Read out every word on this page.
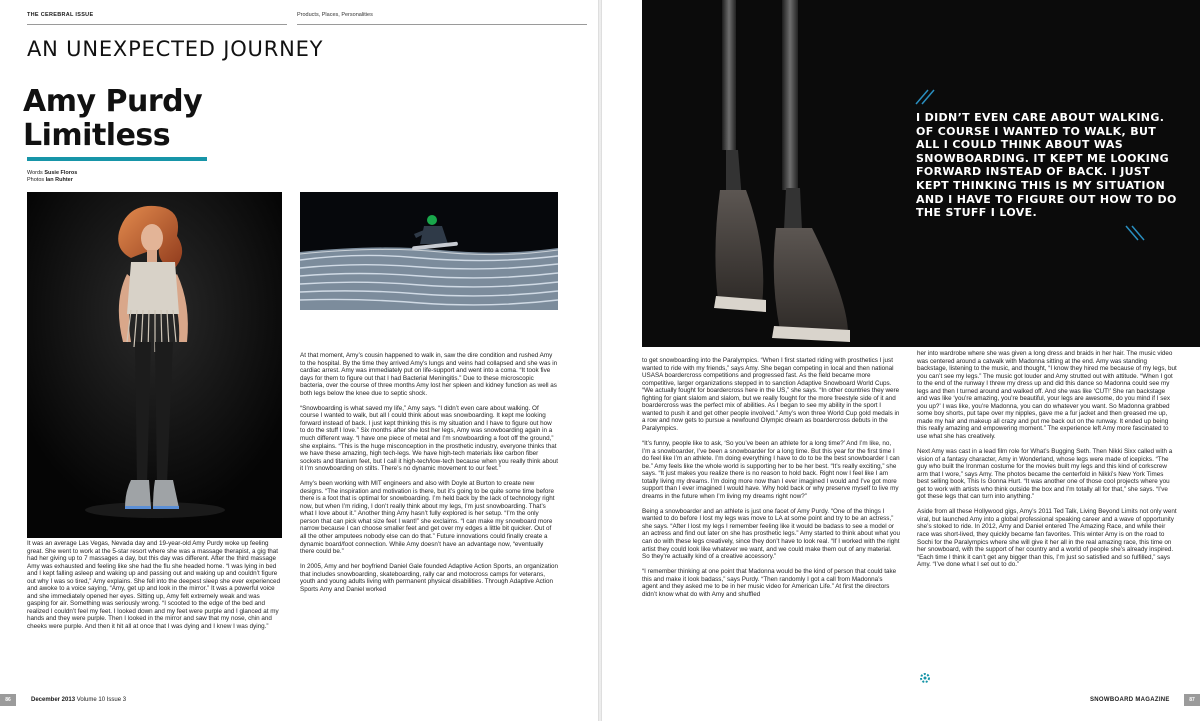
THE CEREBRAL ISSUE	Products, Places, Personalities
AN UNEXPECTED JOURNEY
Amy Purdy
Limitless
Words Susie Floros
Photos Ian Ruhter

It was an average Las Vegas, Nevada day and 19-year-old Amy Purdy woke up feeling great. She went to work at the 5-star resort where she was a massage therapist, a gig that had her giving up to 7 massages a day, but this day was different. After the third massage Amy was exhausted and feeling like she had the flu she headed home. “I was lying in bed and I kept falling asleep and waking up and passing out and waking up and couldn’t figure out why I was so tired,” Amy explains. She fell into the deepest sleep she ever experienced and awoke to a voice saying, “Amy, get up and look in the mirror.” It was a powerful voice and she immediately opened her eyes. Sitting up, Amy felt extremely weak and was gasping for air. Something was seriously wrong. “I scooted to the edge of the bed and realized I couldn’t feel my feet. I looked down and my feet were purple and I glanced at my hands and they were purple. Then I looked in the mirror and saw that my nose, chin and cheeks were purple. And then it hit all at once that I was dying and I knew I was dying.”

At that moment, Amy’s cousin happened to walk in, saw the dire condition and rushed Amy to the hospital. By the time they arrived Amy’s lungs and veins had collapsed and she was in cardiac arrest. Amy was immediately put on life-support and went into a coma. “It took five days for them to figure out that I had Bacterial Meningitis.” Due to these microscopic bacteria, over the course of three months Amy lost her spleen and kidney function as well as both legs below the knee due to septic shock.

“Snowboarding is what saved my life,” Amy says. “I didn’t even care about walking. Of course I wanted to walk, but all I could think about was snowboarding. It kept me looking forward instead of back. I just kept thinking this is my situation and I have to figure out how to do the stuff I love.” Six months after she lost her legs, Amy was snowboarding again in a much different way. “I have one piece of metal and I’m snowboarding a foot off the ground,” she explains. “This is the huge misconception in the prosthetic industry, everyone thinks that we have these amazing, high tech-legs. We have high-tech materials like carbon fiber sockets and titanium feet, but I call it high-tech/low-tech because when you really think about it I’m snowboarding on stilts. There’s no dynamic movement to our feet.”

Amy’s been working with MIT engineers and also with Doyle at Burton to create new designs. “The inspiration and motivation is there, but it’s going to be quite some time before there is a foot that is optimal for snowboarding. I’m held back by the lack of technology right now, but when I’m riding, I don’t really think about my legs, I’m just snowboarding. That’s what I love about it.” Another thing Amy hasn’t fully explored is her setup. “I’m the only person that can pick what size feet I want!” she exclaims. “I can make my snowboard more narrow because I can choose smaller feet and get over my edges a little bit quicker. Out of all the other amputees nobody else can do that.” Future innovations could finally create a dynamic board/foot connection. While Amy doesn’t have an advantage now, “eventually there could be.”

In 2005, Amy and her boyfriend Daniel Gale founded Adaptive Action Sports, an organization that includes snowboarding, skateboarding, rally car and motocross camps for veterans, youth and young adults living with permanent physical disabilities. Through Adaptive Action Sports Amy and Daniel worked

86	December 2013 Volume 10 Issue 3
I DIDN’T EVEN CARE ABOUT WALKING. OF COURSE I WANTED TO WALK, BUT ALL I COULD THINK ABOUT WAS SNOWBOARDING. IT KEPT ME LOOKING FORWARD INSTEAD OF BACK. I JUST KEPT THINKING THIS IS MY SITUATION AND I HAVE TO FIGURE OUT HOW TO DO THE STUFF I LOVE.

to get snowboarding into the Paralympics. “When I first started riding with prosthetics I just wanted to ride with my friends,” says Amy. She began competing in local and then national USASA boardercross competitions and progressed fast. As the field became more competitive, larger organizations stepped in to sanction Adaptive Snowboard World Cups. “We actually fought for boardercross here in the US,” she says. “In other countries they were fighting for giant slalom and slalom, but we really fought for the more freestyle side of it and boardercross was the perfect mix of abilities. As I began to see my ability in the sport I wanted to push it and get other people involved.” Amy’s won three World Cup gold medals in a row and now gets to pursue a newfound Olympic dream as boardercross debuts in the Paralympics.

“It’s funny, people like to ask, ‘So you’ve been an athlete for a long time?’ And I’m like, no, I’m a snowboarder, I’ve been a snowboarder for a long time. But this year for the first time I do feel like I’m an athlete. I’m doing everything I have to do to be the best snowboarder I can be.” Amy feels like the whole world is supporting her to be her best. “It’s really exciting,” she says. “It just makes you realize there is no reason to hold back. Right now I feel like I am totally living my dreams. I’m doing more now than I ever imagined I would and I’ve got more support than I ever imagined I would have. Why hold back or why preserve myself to live my dreams in the future when I’m living my dreams right now?”

Being a snowboarder and an athlete is just one facet of Amy Purdy. “One of the things I wanted to do before I lost my legs was move to LA at some point and try to be an actress,” she says. “After I lost my legs I remember feeling like it would be badass to see a model or an actress and find out later on she has prosthetic legs.” Amy started to think about what you can do with these legs creatively, since they don’t have to look real. “If I worked with the right artist they could look like whatever we want, and we could make them out of any material. So they’re actually kind of a creative accessory.”

“I remember thinking at one point that Madonna would be the kind of person that could take this and make it look badass,” says Purdy. “Then randomly I got a call from Madonna’s agent and they asked me to be in her music video for American Life.” At first the directors didn’t know what do with Amy and shuffled

her into wardrobe where she was given a long dress and braids in her hair. The music video was centered around a catwalk with Madonna sitting at the end. Amy was standing backstage, listening to the music, and thought, “I know they hired me because of my legs, but you can’t see my legs.” The music got louder and Amy strutted out with attitude. “When I got to the end of the runway I threw my dress up and did this dance so Madonna could see my legs and then I turned around and walked off. And she was like ‘CUT!’ She ran backstage and was like ‘you’re amazing, you’re beautiful, your legs are awesome, do you mind if I sex you up?’ I was like, you’re Madonna, you can do whatever you want. So Madonna grabbed some boy shorts, put tape over my nipples, gave me a fur jacket and then greased me up, made my hair and makeup all crazy and put me back out on the runway. It ended up being this really amazing and empowering moment.” The experience left Amy more fascinated to use what she has creatively.

Next Amy was cast in a lead film role for What’s Bugging Seth. Then Nikki Sixx called with a vision of a fantasy character, Amy in Wonderland, whose legs were made of icepicks. “The guy who built the Ironman costume for the movies built my legs and this kind of corkscrew arm that I wore,” says Amy. The photos became the centerfold in Nikki’s New York Times best selling book, This Is Gonna Hurt. “It was another one of those cool projects where you get to work with artists who think outside the box and I’m totally all for that,” she says. “I’ve got these legs that can turn into anything.”

Aside from all these Hollywood gigs, Amy’s 2011 Ted Talk, Living Beyond Limits not only went viral, but launched Amy into a global professional speaking career and a wave of opportunity she’s stoked to ride. In 2012, Amy and Daniel entered The Amazing Race, and while their race was short-lived, they quickly became fan favorites. This winter Amy is on the road to Sochi for the Paralympics where she will give it her all in the real amazing race, this time on her snowboard, with the support of her country and a world of people she’s already inspired. “Each time I think it can’t get any bigger than this, I’m just so satisfied and so fulfilled,” says Amy. “I’ve done what I set out to do.”

SNOWBOARD MAGAZINE	87
